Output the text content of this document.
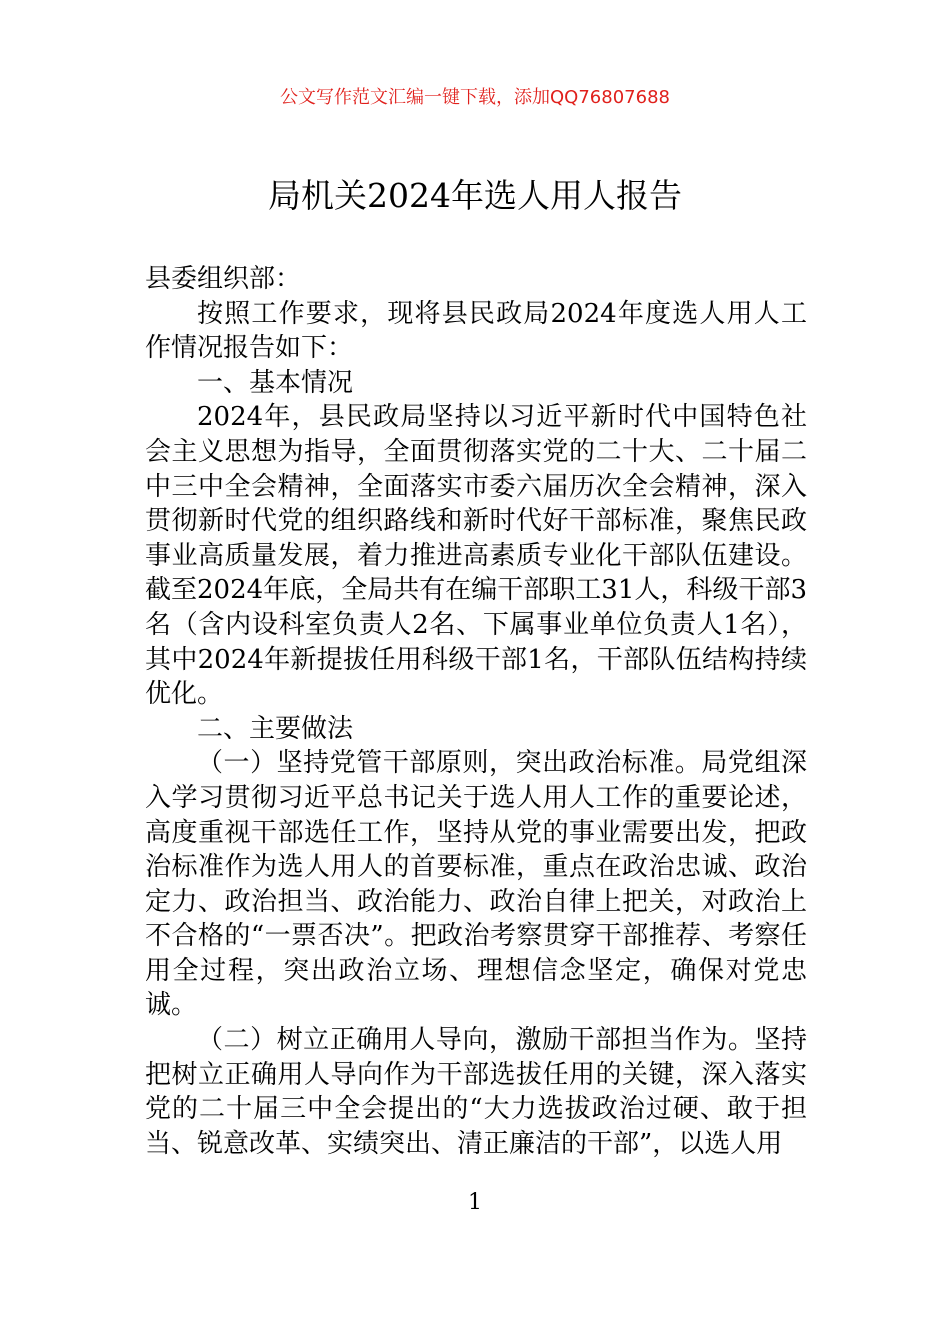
公文写作范文汇编一键下载，添加QQ76807688
局机关2024年选人用人报告

县委组织部：

按照工作要求，现将县民政局2024年度选人用人工作情况报告如下：

一、基本情况

2024年，县民政局坚持以习近平新时代中国特色社会主义思想为指导，全面贯彻落实党的二十大、二十届二中三中全会精神，全面落实市委六届历次全会精神，深入贯彻新时代党的组织路线和新时代好干部标准，聚焦民政事业高质量发展，着力推进高素质专业化干部队伍建设。截至2024年底，全局共有在编干部职工31人，科级干部3名（含内设科室负责人2名、下属事业单位负责人1名），其中2024年新提拔任用科级干部1名，干部队伍结构持续优化。

二、主要做法

（一）坚持党管干部原则，突出政治标准。局党组深入学习贯彻习近平总书记关于选人用人工作的重要论述，高度重视干部选任工作，坚持从党的事业需要出发，把政治标准作为选人用人的首要标准，重点在政治忠诚、政治定力、政治担当、政治能力、政治自律上把关，对政治上不合格的“一票否决”。把政治考察贯穿干部推荐、考察任用全过程，突出政治立场、理想信念坚定，确保对党忠诚。

（二）树立正确用人导向，激励干部担当作为。坚持把树立正确用人导向作为干部选拔任用的关键，深入落实党的二十届三中全会提出的“大力选拔政治过硬、敢于担当、锐意改革、实绩突出、清正廉洁的干部”，以选人用

1
